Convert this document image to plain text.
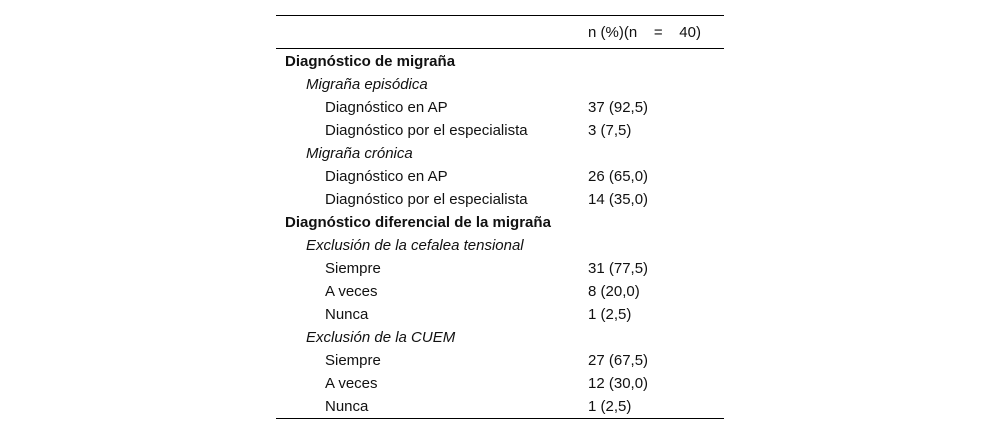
n (%)(n    =    40)
Diagnóstico de migraña
Migraña episódica
Diagnóstico en AP	37 (92,5)
Diagnóstico por el especialista	3 (7,5)
Migraña crónica
Diagnóstico en AP	26 (65,0)
Diagnóstico por el especialista	14 (35,0)
Diagnóstico diferencial de la migraña
Exclusión de la cefalea tensional
Siempre	31 (77,5)
A veces	8 (20,0)
Nunca	1 (2,5)
Exclusión de la CUEM
Siempre	27 (67,5)
A veces	12 (30,0)
Nunca	1 (2,5)
